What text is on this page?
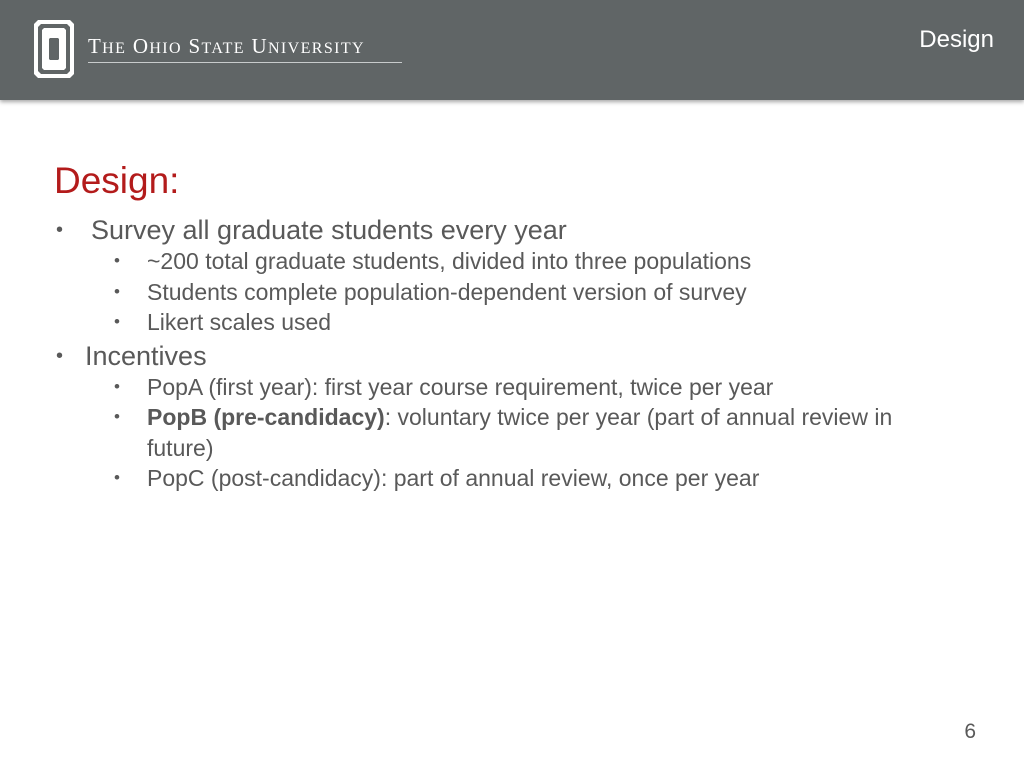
THE OHIO STATE UNIVERSITY	Design
Design:
• Survey all graduate students every year
• ~200 total graduate students, divided into three populations
• Students complete population-dependent version of survey
• Likert scales used
• Incentives
• PopA (first year): first year course requirement, twice per year
• PopB (pre-candidacy): voluntary twice per year (part of annual review in future)
• PopC (post-candidacy): part of annual review, once per year
6
